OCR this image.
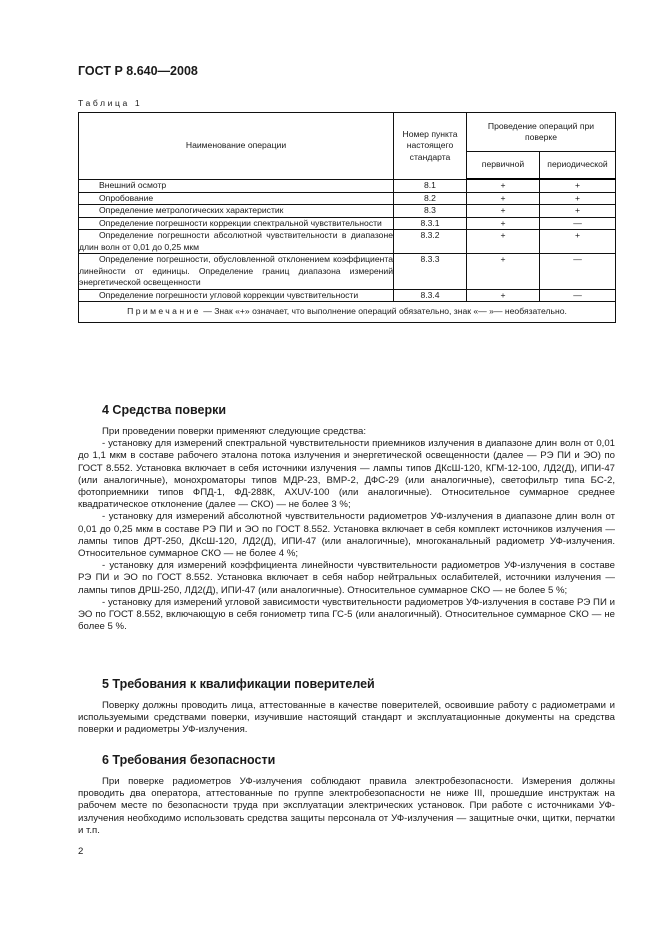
ГОСТ Р 8.640—2008
Таблица 1
Наименование операции	Номер пункта настоящего стандарта	Проведение операций при поверке	
		первичной	периодической
Внешний осмотр	8.1	+	+
Опробование	8.2	+	+
Определение метрологических характеристик	8.3	+	+
Определение погрешности коррекции спектральной чувствительности	8.3.1	+	—
Определение погрешности абсолютной чувствительности в диапазоне длин волн от 0,01 до 0,25 мкм	8.3.2	+	+
Определение погрешности, обусловленной отклонением коэффициента линейности от единицы. Определение границ диапазона измерений энергетической освещенности	8.3.3	+	—
Определение погрешности угловой коррекции чувствительности	8.3.4	+	—
Примечание — Знак «+» означает, что выполнение операций обязательно, знак «— »— необязательно.			
4 Средства поверки

При проведении поверки применяют следующие средства:

- установку для измерений спектральной чувствительности приемников излучения в диапазоне длин волн от 0,01 до 1,1 мкм в составе рабочего эталона потока излучения и энергетической освещенности (далее — РЭ ПИ и ЭО) по ГОСТ 8.552. Установка включает в себя источники излучения — лампы типов ДКсШ-120, КГМ-12-100, ЛД2(Д), ИПИ-47 (или аналогичные), монохроматоры типов МДР-23, ВМР-2, ДФС-29 (или аналогичные), светофильтр типа БС-2, фотоприемники типов ФПД-1, ФД-288К, AXUV-100 (или аналогичные). Относительное суммарное среднее квадратическое отклонение (далее — СКО) — не более 3 %;

- установку для измерений абсолютной чувствительности радиометров УФ-излучения в диапазоне длин волн от 0,01 до 0,25 мкм в составе РЭ ПИ и ЭО по ГОСТ 8.552. Установка включает в себя комплект источников излучения — лампы типов ДРТ-250, ДКсШ-120, ЛД2(Д), ИПИ-47 (или аналогичные), многоканальный радиометр УФ-излучения. Относительное суммарное СКО — не более 4 %;

- установку для измерений коэффициента линейности чувствительности радиометров УФ-излучения в составе РЭ ПИ и ЭО по ГОСТ 8.552. Установка включает в себя набор нейтральных ослабителей, источники излучения — лампы типов ДРШ-250, ЛД2(Д), ИПИ-47 (или аналогичные). Относительное суммарное СКО — не более 5 %;

- установку для измерений угловой зависимости чувствительности радиометров УФ-излучения в составе РЭ ПИ и ЭО по ГОСТ 8.552, включающую в себя гониометр типа ГС-5 (или аналогичный). Относительное суммарное СКО — не более 5 %.

5 Требования к квалификации поверителей

Поверку должны проводить лица, аттестованные в качестве поверителей, освоившие работу с радиометрами и используемыми средствами поверки, изучившие настоящий стандарт и эксплуатационные документы на средства поверки и радиометры УФ-излучения.

6 Требования безопасности

При поверке радиометров УФ-излучения соблюдают правила электробезопасности. Измерения должны проводить два оператора, аттестованные по группе электробезопасности не ниже III, прошедшие инструктаж на рабочем месте по безопасности труда при эксплуатации электрических установок. При работе с источниками УФ-излучения необходимо использовать средства защиты персонала от УФ-излучения — защитные очки, щитки, перчатки и т.п.

2
